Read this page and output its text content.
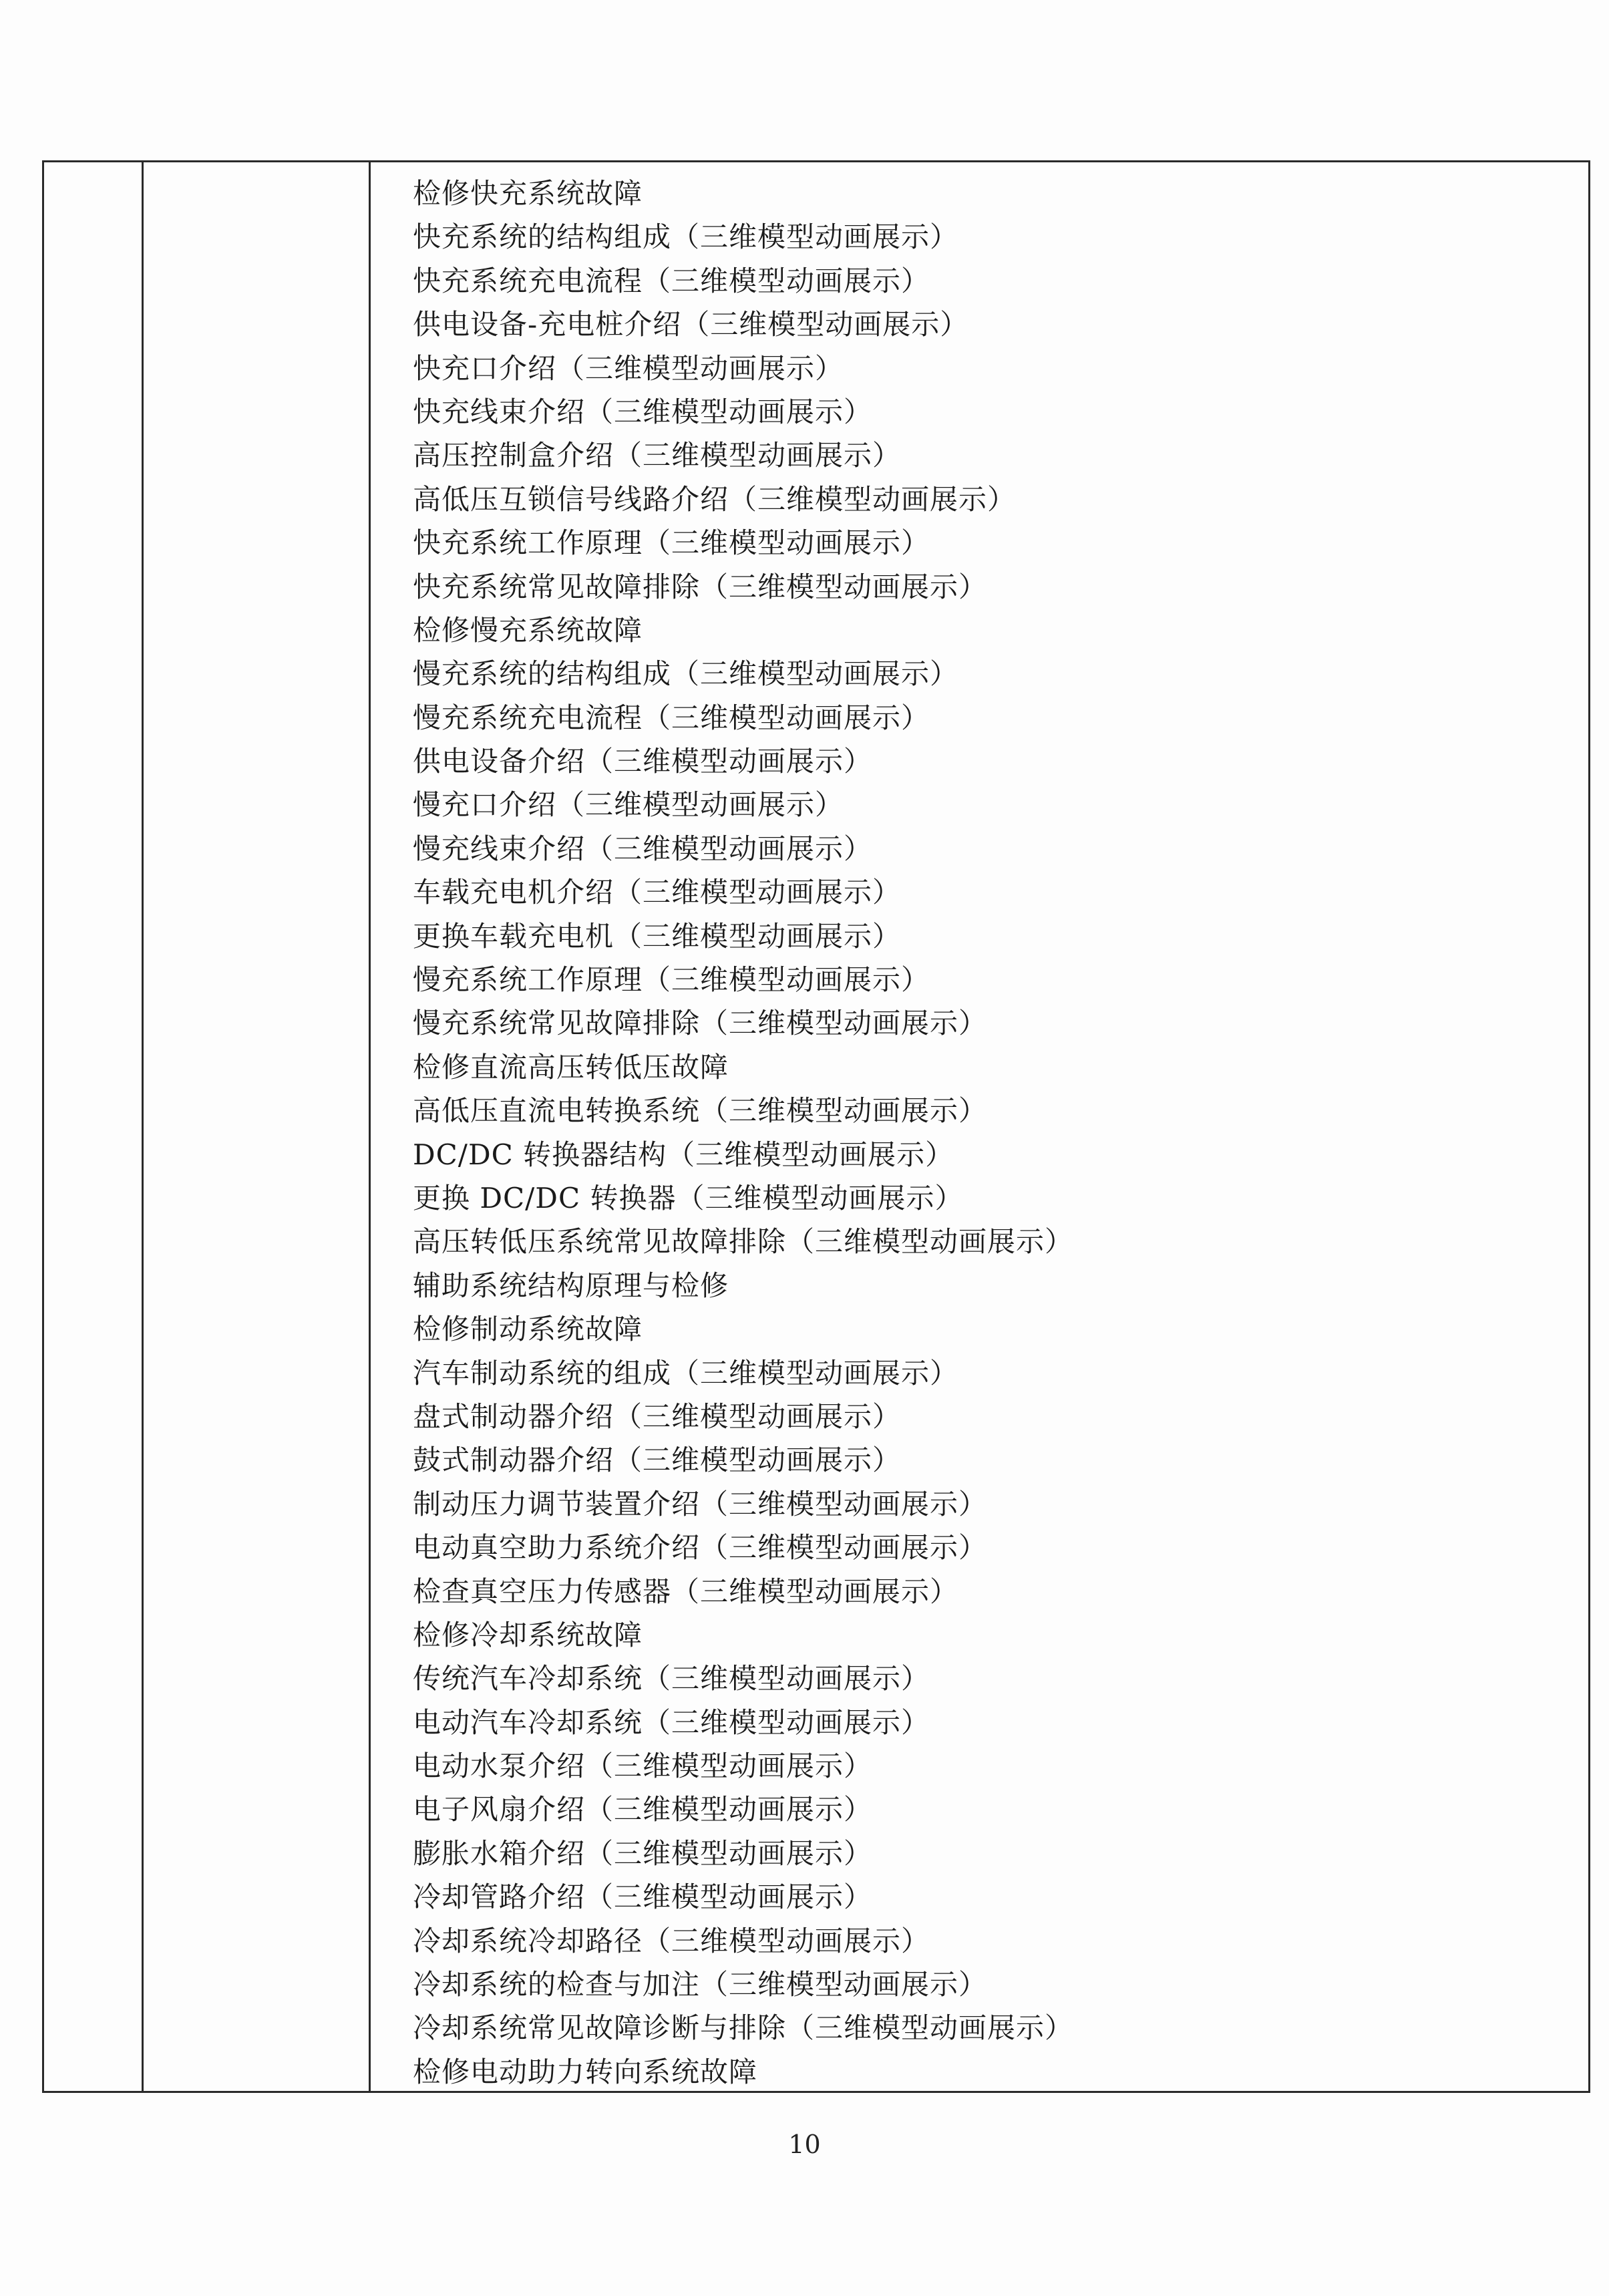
检修快充系统故障
快充系统的结构组成（三维模型动画展示）
快充系统充电流程（三维模型动画展示）
供电设备-充电桩介绍（三维模型动画展示）
快充口介绍（三维模型动画展示）
快充线束介绍（三维模型动画展示）
高压控制盒介绍（三维模型动画展示）
高低压互锁信号线路介绍（三维模型动画展示）
快充系统工作原理（三维模型动画展示）
快充系统常见故障排除（三维模型动画展示）
检修慢充系统故障
慢充系统的结构组成（三维模型动画展示）
慢充系统充电流程（三维模型动画展示）
供电设备介绍（三维模型动画展示）
慢充口介绍（三维模型动画展示）
慢充线束介绍（三维模型动画展示）
车载充电机介绍（三维模型动画展示）
更换车载充电机（三维模型动画展示）
慢充系统工作原理（三维模型动画展示）
慢充系统常见故障排除（三维模型动画展示）
检修直流高压转低压故障
高低压直流电转换系统（三维模型动画展示）
DC/DC 转换器结构（三维模型动画展示）
更换 DC/DC 转换器（三维模型动画展示）
高压转低压系统常见故障排除（三维模型动画展示）
辅助系统结构原理与检修
检修制动系统故障
汽车制动系统的组成（三维模型动画展示）
盘式制动器介绍（三维模型动画展示）
鼓式制动器介绍（三维模型动画展示）
制动压力调节装置介绍（三维模型动画展示）
电动真空助力系统介绍（三维模型动画展示）
检查真空压力传感器（三维模型动画展示）
检修冷却系统故障
传统汽车冷却系统（三维模型动画展示）
电动汽车冷却系统（三维模型动画展示）
电动水泵介绍（三维模型动画展示）
电子风扇介绍（三维模型动画展示）
膨胀水箱介绍（三维模型动画展示）
冷却管路介绍（三维模型动画展示）
冷却系统冷却路径（三维模型动画展示）
冷却系统的检查与加注（三维模型动画展示）
冷却系统常见故障诊断与排除（三维模型动画展示）
检修电动助力转向系统故障
10
